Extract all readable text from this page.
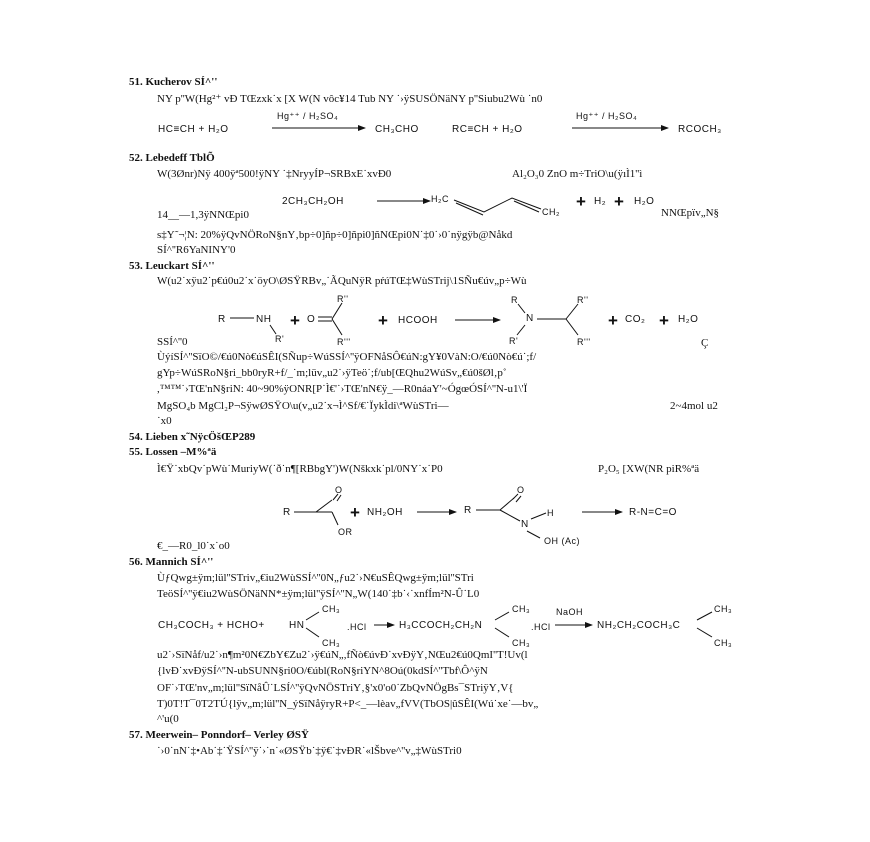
51. Kucherov SÍ^''
NY p''W(Hg²⁺ vÐ TŒzxk˙x [X W(N vôc¥14 Tub NY ˙›ÿSUSÖNäNY p''Siubu2Wù ˙n0
HC≡CH + H₂O
Hg⁺⁺ / H₂SO₄
CH₃CHO	RC≡CH + H₂O
Hg⁺⁺ / H₂SO₄
RCOCH₃
52. Lebedeff TblÕ
W(3Ønr)Nÿ 400ÿª500!ÿNY ˙‡NryyÍP¬SRBxE˙xvÐ0	Al₂O₃0 ZnO m÷TriO\u(ÿıÌ1''ì
2CH₃CH₂OH	H₂C
CH₂
+ H₂ + H₂O
NNŒpïv„N§
14__—1,3ÿNNŒpi0
s‡Y˜¬¦N: 20%ÿQvNÖRoN§nY‚bp÷0]ñp÷0]ñpi0]ñNŒpi0N˙‡0˙›0˙nÿgÿb@Nåkd
SÍ^''R6YaNINY'0
53. Leuckart SÍ^''
W(u2˙xÿu2˙p€ú0u2˙x˙öyO\ØSŸRBv„˙ÃQuNÿR pŕúTŒ‡WùSTrij\1SÑu€úv„p÷Wù
R	NH
R'
+ O
R''
R'''
+ HCOOH
R
N
R'
R''
R'''
+ CO₂ + H₂O
SSÍ^''0	Ç
ÙýíSÍ^''SïO©/€ú0Nò€úSÊI(SÑup÷WúSSÍ^''ÿOFNåSÔ€úN:gY¥0VàN:O/€ú0Nò€ú˙;f/
gYp÷WúSRoN§ri_bb0ryR+f/_˙m;lüv„u2˙›ÿTeö˙;f/ub[ŒQhu2WúSv„€ú0šØl‚p˚
,™™˙›TŒ'nN§riN: 40~90%ÿONR[P˙Ì€'˙›TŒ'nN€ÿ_—R0náaY'~ÓgœÓSÍ^''N-u1\'Ï
MgSO₄b MgCl₂P¬SÿwØSŸO\u(v„u2˙x¬Ì^Sf/€˙ÏykÌdi\ªWùSTri—	2~4mol u2
˙x0
54. Lieben x˜NÿcÖšŒP289
55. Lossen –M%ªä
Ì€Ÿ˙xbQv˙pWù˙MuriyW(˙ð˙n¶[RBbgY')W(Nškxk˙pl/0NY˙x˙P0	P₂O₅ [XW(NR piR%ªä
R
O
OR
+ NH₂OH	R
O
N
H
OH (Ac)
R-N=C=O
€_—R0_l0˙x˙o0
56. Mannich SÍ^''
ÙƒQwg±ÿm;lül''STriv„€iu2WùSSÍ^''0N„ƒu2˙›N€uSÊQwg±ÿm;lül''STri
TeöSÍ^''ÿ€iu2WùSÖNäNN*±ÿm;lül''ÿSÍ^''N„W(140˙‡b˙‹˙xnfÍm²N-Û˙L0
CH₃COCH₃ + HCHO+ HN
CH₃
CH₃
.HCl	H₃CCOCH₂CH₂N
CH₃
CH₃
.HCl
NaOH
NH₂CH₂COCH₃C
CH₃
CH₃
u2˙›SïNåf/u2˙›n¶m²0N€ZbY€Zu2˙›ÿ€úN„,fÑò€úvÐ˙xvÐÿY‚NŒu2€ú0QmI''T!Uv(l
{lvÐ˙xvÐÿSÍ^''N-ubSUNN§ri0O/€úbl(RoN§riYN^8Oú(0kdSÍ^''Tbf\Ô^ÿN
OF˙›TŒ'nv„m;lül''SïNåÛ˙LSÍ^''ÿQvNÖSTriY‚§'x0'o0˙ZbQvNÖgBs¯STriÿY‚V{
T)0T!T¯0T2TÚ{lÿv„m;lül''N_ýSïNåÿryR+P<_—lèav„fVV(TbOS|ûSÊI(Wú˙xe˙—bv„
^'u(0
57. Meerwein– Ponndorf– Verley ØSŸ
˙›0˙nN˙‡•Ab˙‡˙ŸSÍ^''ÿ˙›˙n˙«ØSŸb˙‡ÿ€˙‡vÐR˙«lŠbve^''v„‡WùSTri0
